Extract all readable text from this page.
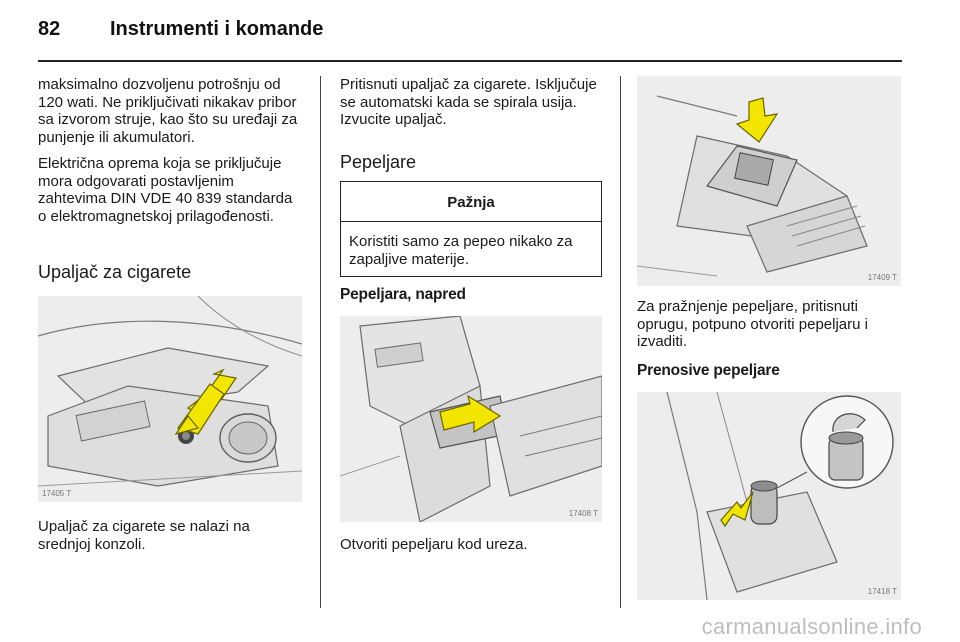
82 Instrumenti i komande

maksimalno dozvoljenu potrošnju od 120 wati. Ne priključivati nikakav pribor sa izvorom struje, kao što su uređaji za punjenje ili akumulatori.

Električna oprema koja se priključuje mora odgovarati postavljenim zahtevima DIN VDE 40 839 standarda o elektromagnetskoj prilagođenosti.

Upaljač za cigarete
17405 T
Upaljač za cigarete se nalazi na srednjoj konzoli.

Pritisnuti upaljač za cigarete. Isključuje se automatski kada se spirala usija. Izvucite upaljač.

Pepeljare
Pažnja
Koristiti samo za pepeo nikako za zapaljive materije.
Pepeljara, napred
17408 T
Otvoriti pepeljaru kod ureza.
17409 T
Za pražnjenje pepeljare, pritisnuti oprugu, potpuno otvoriti pepeljaru i izvaditi.
Prenosive pepeljare
17418 T
carmanualsonline.info
